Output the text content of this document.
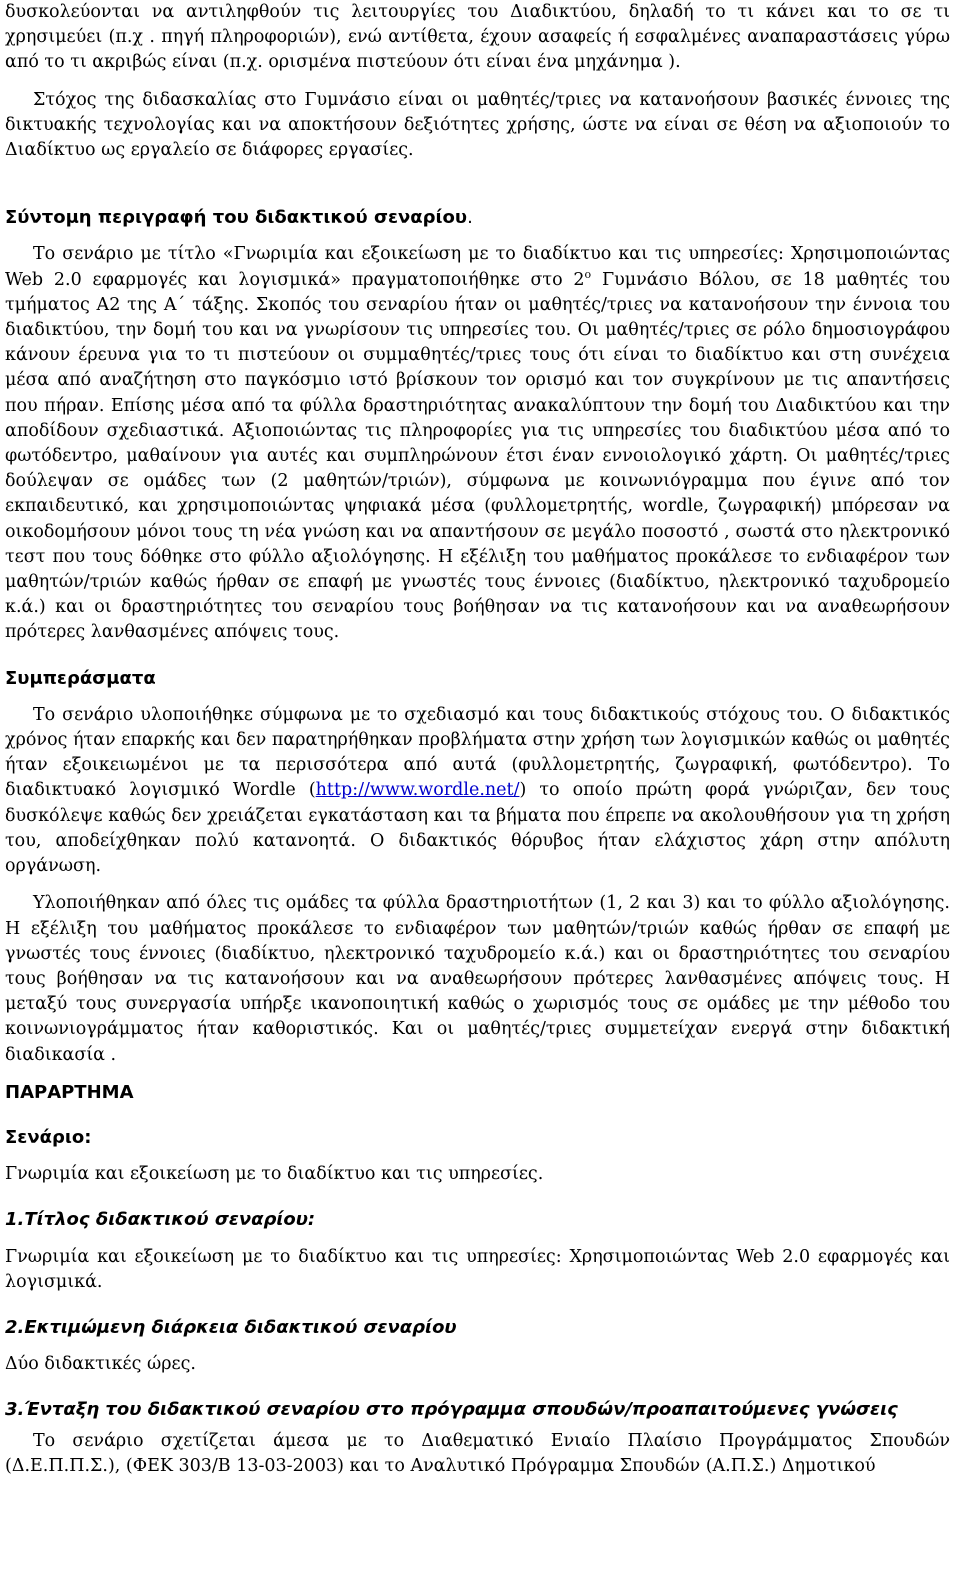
δυσκολεύονται να αντιληφθούν τις λειτουργίες του Διαδικτύου, δηλαδή το τι κάνει και το σε τι χρησιμεύει (π.χ . πηγή πληροφοριών), ενώ αντίθετα, έχουν ασαφείς ή εσφαλμένες αναπαραστάσεις γύρω από το τι ακριβώς είναι (π.χ. ορισμένα πιστεύουν ότι είναι ένα μηχάνημα ).

Στόχος της διδασκαλίας στο Γυμνάσιο είναι οι μαθητές/τριες να κατανοήσουν βασικές έννοιες της δικτυακής τεχνολογίας και να αποκτήσουν δεξιότητες χρήσης, ώστε να είναι σε θέση να αξιοποιούν το Διαδίκτυο ως εργαλείο σε διάφορες εργασίες.

Σύντομη περιγραφή του διδακτικού σεναρίου.

Το σενάριο με τίτλο «Γνωριμία και εξοικείωση με το διαδίκτυο και τις υπηρεσίες: Χρησιμοποιώντας Web 2.0 εφαρμογές και λογισμικά» πραγματοποιήθηκε στο $2^o$ Γυμνάσιο Βόλου, σε 18 μαθητές του τμήματος Α2 της Α΄ τάξης. Σκοπός του σεναρίου ήταν οι μαθητές/τριες να κατανοήσουν την έννοια του διαδικτύου, την δομή του και να γνωρίσουν τις υπηρεσίες του. Οι μαθητές/τριες σε ρόλο δημοσιογράφου κάνουν έρευνα για το τι πιστεύουν οι συμμαθητές/τριες τους ότι είναι το διαδίκτυο και στη συνέχεια μέσα από αναζήτηση στο παγκόσμιο ιστό βρίσκουν τον ορισμό και τον συγκρίνουν με τις απαντήσεις που πήραν. Επίσης μέσα από τα φύλλα δραστηριότητας ανακαλύπτουν την δομή του Διαδικτύου και την αποδίδουν σχεδιαστικά. Αξιοποιώντας τις πληροφορίες για τις υπηρεσίες του διαδικτύου μέσα από το φωτόδεντρο, μαθαίνουν για αυτές και συμπληρώνουν έτσι έναν εννοιολογικό χάρτη. Οι μαθητές/τριες δούλεψαν σε ομάδες των (2 μαθητών/τριών), σύμφωνα με κοινωνιόγραμμα που έγινε από τον εκπαιδευτικό, και χρησιμοποιώντας ψηφιακά μέσα (φυλλομετρητής, wordle, ζωγραφική) μπόρεσαν να οικοδομήσουν μόνοι τους τη νέα γνώση και να απαντήσουν σε μεγάλο ποσοστό , σωστά στο ηλεκτρονικό τεστ που τους δόθηκε στο φύλλο αξιολόγησης. Η εξέλιξη του μαθήματος προκάλεσε το ενδιαφέρον των μαθητών/τριών καθώς ήρθαν σε επαφή με γνωστές τους έννοιες (διαδίκτυο, ηλεκτρονικό ταχυδρομείο κ.ά.) και οι δραστηριότητες του σεναρίου τους βοήθησαν να τις κατανοήσουν και να αναθεωρήσουν πρότερες λανθασμένες απόψεις τους.

Συμπεράσματα

Το σενάριο υλοποιήθηκε σύμφωνα με το σχεδιασμό και τους διδακτικούς στόχους του. Ο διδακτικός χρόνος ήταν επαρκής και δεν παρατηρήθηκαν προβλήματα στην χρήση των λογισμικών καθώς οι μαθητές ήταν εξοικειωμένοι με τα περισσότερα από αυτά (φυλλομετρητής, ζωγραφική, φωτόδεντρο). Το διαδικτυακό λογισμικό Wordle (http://www.wordle.net/) το οποίο πρώτη φορά γνώριζαν, δεν τους δυσκόλεψε καθώς δεν χρειάζεται εγκατάσταση και τα βήματα που έπρεπε να ακολουθήσουν για τη χρήση του, αποδείχθηκαν πολύ κατανοητά. Ο διδακτικός θόρυβος ήταν ελάχιστος χάρη στην απόλυτη οργάνωση.

Υλοποιήθηκαν από όλες τις ομάδες τα φύλλα δραστηριοτήτων (1, 2 και 3) και το φύλλο αξιολόγησης. Η εξέλιξη του μαθήματος προκάλεσε το ενδιαφέρον των μαθητών/τριών καθώς ήρθαν σε επαφή με γνωστές τους έννοιες (διαδίκτυο, ηλεκτρονικό ταχυδρομείο κ.ά.) και οι δραστηριότητες του σεναρίου τους βοήθησαν να τις κατανοήσουν και να αναθεωρήσουν πρότερες λανθασμένες απόψεις τους. Η μεταξύ τους συνεργασία υπήρξε ικανοποιητική καθώς ο χωρισμός τους σε ομάδες με την μέθοδο του κοινωνιογράμματος ήταν καθοριστικός. Και οι μαθητές/τριες συμμετείχαν ενεργά στην διδακτική διαδικασία .

ΠΑΡΑΡΤΗΜΑ

Σενάριο:

Γνωριμία και εξοικείωση με το διαδίκτυο και τις υπηρεσίες.

1.Τίτλος διδακτικού σεναρίου:

Γνωριμία και εξοικείωση με το διαδίκτυο και τις υπηρεσίες: Χρησιμοποιώντας Web 2.0 εφαρμογές και λογισμικά.

2.Εκτιμώμενη διάρκεια διδακτικού σεναρίου

Δύο διδακτικές ώρες.

3.Ένταξη του διδακτικού σεναρίου στο πρόγραμμα σπουδών/προαπαιτούμενες γνώσεις

Το σενάριο σχετίζεται άμεσα με το Διαθεματικό Ενιαίο Πλαίσιο Προγράμματος Σπουδών (Δ.Ε.Π.Π.Σ.), (ΦΕΚ 303/Β 13-03-2003) και το Αναλυτικό Πρόγραμμα Σπουδών (Α.Π.Σ.) Δημοτικού
